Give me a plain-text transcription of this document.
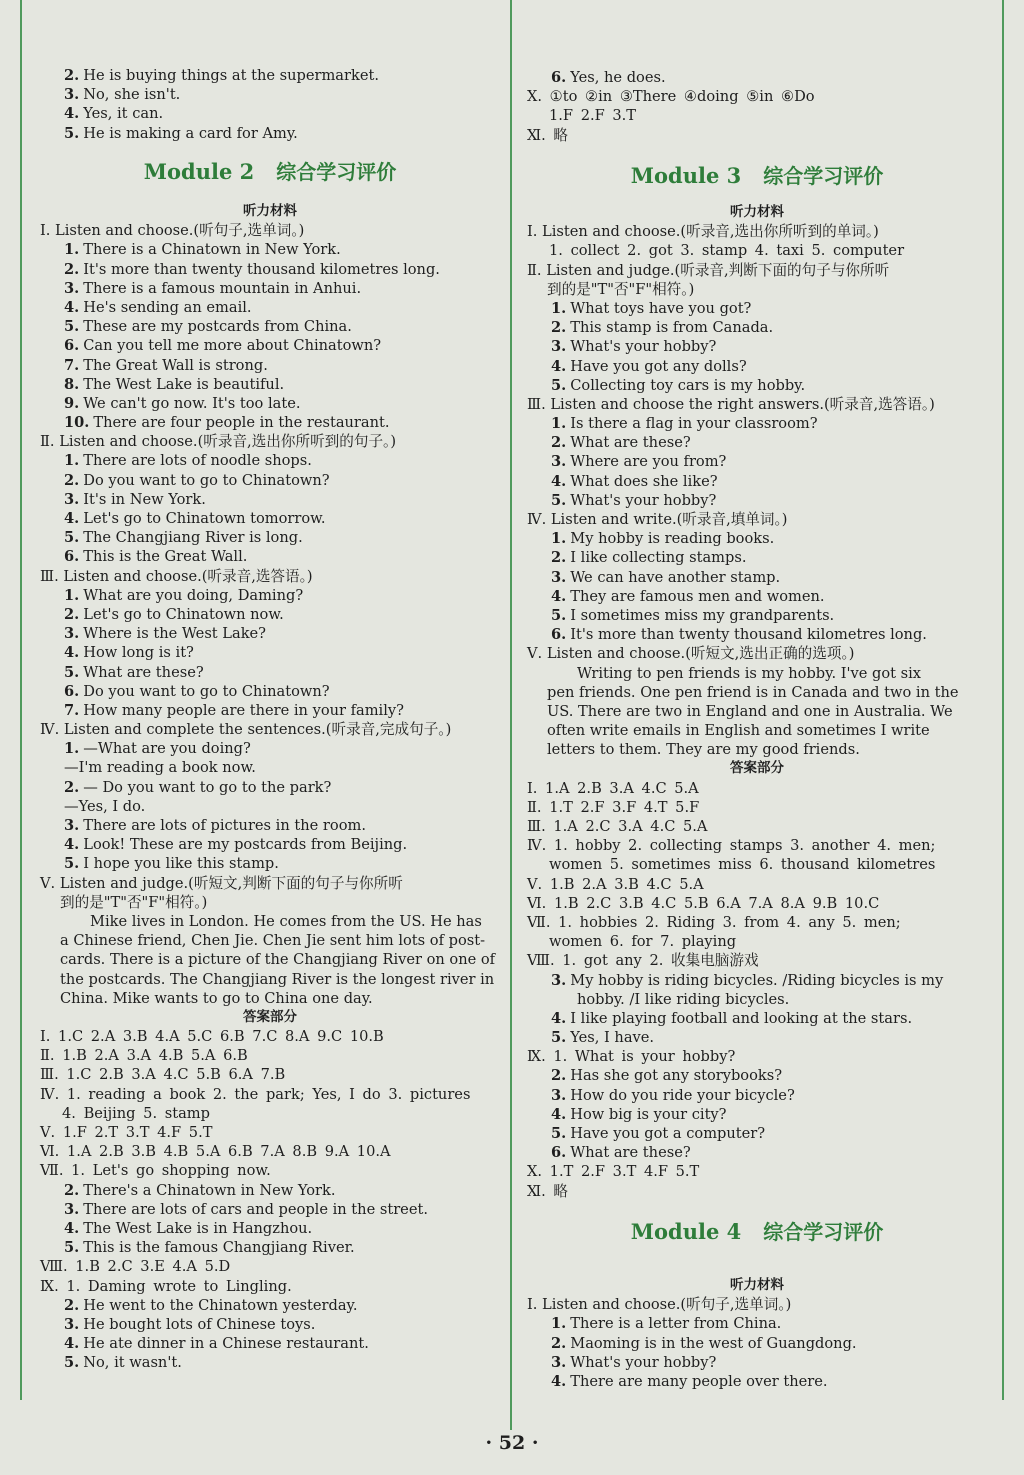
2. He is buying things at the supermarket.
3. No, she isn't.
4. Yes, it can.
5. He is making a card for Amy.
Module 2 综合学习评价
听力材料
Ⅰ. Listen and choose.(听句子,选单词。)
1. There is a Chinatown in New York.
2. It's more than twenty thousand kilometres long.
3. There is a famous mountain in Anhui.
4. He's sending an email.
5. These are my postcards from China.
6. Can you tell me more about Chinatown?
7. The Great Wall is strong.
8. The West Lake is beautiful.
9. We can't go now. It's too late.
10. There are four people in the restaurant.
Ⅱ. Listen and choose.(听录音,选出你所听到的句子。)
1. There are lots of noodle shops.
2. Do you want to go to Chinatown?
3. It's in New York.
4. Let's go to Chinatown tomorrow.
5. The Changjiang River is long.
6. This is the Great Wall.
Ⅲ. Listen and choose.(听录音,选答语。)
1. What are you doing, Daming?
2. Let's go to Chinatown now.
3. Where is the West Lake?
4. How long is it?
5. What are these?
6. Do you want to go to Chinatown?
7. How many people are there in your family?
Ⅳ. Listen and complete the sentences.(听录音,完成句子。)
1. —What are you doing?
—I'm reading a book now.
2. — Do you want to go to the park?
—Yes, I do.
3. There are lots of pictures in the room.
4. Look! These are my postcards from Beijing.
5. I hope you like this stamp.
Ⅴ. Listen and judge.(听短文,判断下面的句子与你所听
到的是"T"否"F"相符。)
Mike lives in London. He comes from the US. He has
a Chinese friend, Chen Jie. Chen Jie sent him lots of post-
cards. There is a picture of the Changjiang River on one of
the postcards. The Changjiang River is the longest river in
China. Mike wants to go to China one day.
答案部分
Ⅰ. 1.C 2.A 3.B 4.A 5.C 6.B 7.C 8.A 9.C 10.B
Ⅱ. 1.B 2.A 3.A 4.B 5.A 6.B
Ⅲ. 1.C 2.B 3.A 4.C 5.B 6.A 7.B
Ⅳ. 1. reading a book 2. the park; Yes, I do 3. pictures
4. Beijing 5. stamp
Ⅴ. 1.F 2.T 3.T 4.F 5.T
Ⅵ. 1.A 2.B 3.B 4.B 5.A 6.B 7.A 8.B 9.A 10.A
Ⅶ. 1. Let's go shopping now.
2. There's a Chinatown in New York.
3. There are lots of cars and people in the street.
4. The West Lake is in Hangzhou.
5. This is the famous Changjiang River.
Ⅷ. 1.B 2.C 3.E 4.A 5.D
Ⅸ. 1. Daming wrote to Lingling.
2. He went to the Chinatown yesterday.
3. He bought lots of Chinese toys.
4. He ate dinner in a Chinese restaurant.
5. No, it wasn't.
6. Yes, he does.
Ⅹ. ①to ②in ③There ④doing ⑤in ⑥Do
1.F 2.F 3.T
Ⅺ. 略
Module 3 综合学习评价
听力材料
Ⅰ. Listen and choose.(听录音,选出你所听到的单词。)
1. collect 2. got 3. stamp 4. taxi 5. computer
Ⅱ. Listen and judge.(听录音,判断下面的句子与你所听
到的是"T"否"F"相符。)
1. What toys have you got?
2. This stamp is from Canada.
3. What's your hobby?
4. Have you got any dolls?
5. Collecting toy cars is my hobby.
Ⅲ. Listen and choose the right answers.(听录音,选答语。)
1. Is there a flag in your classroom?
2. What are these?
3. Where are you from?
4. What does she like?
5. What's your hobby?
Ⅳ. Listen and write.(听录音,填单词。)
1. My hobby is reading books.
2. I like collecting stamps.
3. We can have another stamp.
4. They are famous men and women.
5. I sometimes miss my grandparents.
6. It's more than twenty thousand kilometres long.
Ⅴ. Listen and choose.(听短文,选出正确的选项。)
Writing to pen friends is my hobby. I've got six
pen friends. One pen friend is in Canada and two in the
US. There are two in England and one in Australia. We
often write emails in English and sometimes I write
letters to them. They are my good friends.
答案部分
Ⅰ. 1.A 2.B 3.A 4.C 5.A
Ⅱ. 1.T 2.F 3.F 4.T 5.F
Ⅲ. 1.A 2.C 3.A 4.C 5.A
Ⅳ. 1. hobby 2. collecting stamps 3. another 4. men;
women 5. sometimes miss 6. thousand kilometres
Ⅴ. 1.B 2.A 3.B 4.C 5.A
Ⅵ. 1.B 2.C 3.B 4.C 5.B 6.A 7.A 8.A 9.B 10.C
Ⅶ. 1. hobbies 2. Riding 3. from 4. any 5. men;
women 6. for 7. playing
Ⅷ. 1. got any 2. 收集电脑游戏
3. My hobby is riding bicycles. /Riding bicycles is my
hobby. /I like riding bicycles.
4. I like playing football and looking at the stars.
5. Yes, I have.
Ⅸ. 1. What is your hobby?
2. Has she got any storybooks?
3. How do you ride your bicycle?
4. How big is your city?
5. Have you got a computer?
6. What are these?
Ⅹ. 1.T 2.F 3.T 4.F 5.T
Ⅺ. 略
Module 4 综合学习评价
听力材料
Ⅰ. Listen and choose.(听句子,选单词。)
1. There is a letter from China.
2. Maoming is in the west of Guangdong.
3. What's your hobby?
4. There are many people over there.
· 52 ·
